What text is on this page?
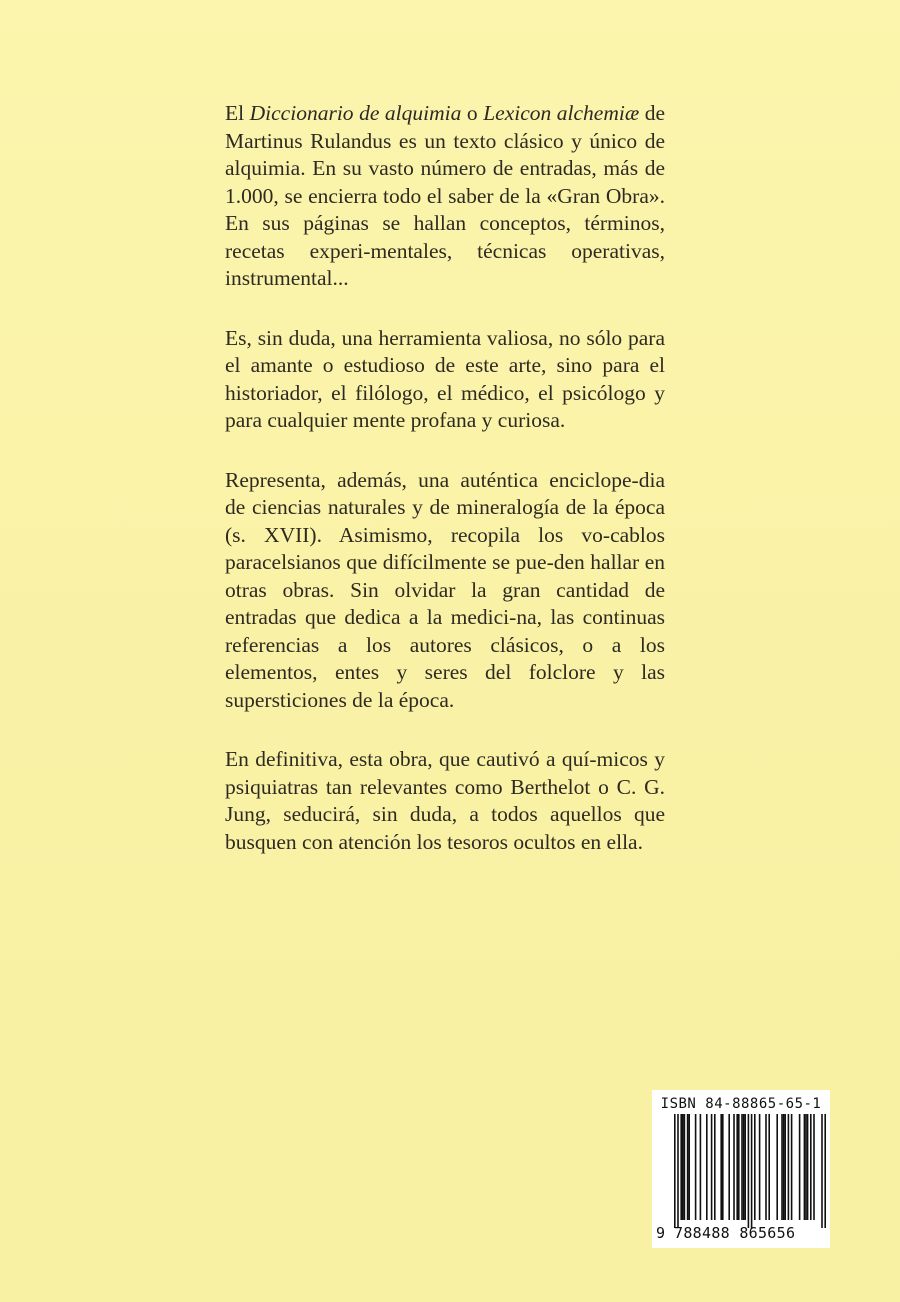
El Diccionario de alquimia o Lexicon alchemiæ de Martinus Rulandus es un texto clásico y único de alquimia. En su vasto número de entradas, más de 1.000, se encierra todo el saber de la «Gran Obra». En sus páginas se hallan conceptos, términos, recetas experi-mentales, técnicas operativas, instrumental...

Es, sin duda, una herramienta valiosa, no sólo para el amante o estudioso de este arte, sino para el historiador, el filólogo, el médico, el psicólogo y para cualquier mente profana y curiosa.

Representa, además, una auténtica enciclope-dia de ciencias naturales y de mineralogía de la época (s. XVII). Asimismo, recopila los vo-cablos paracelsianos que difícilmente se pue-den hallar en otras obras. Sin olvidar la gran cantidad de entradas que dedica a la medici-na, las continuas referencias a los autores clásicos, o a los elementos, entes y seres del folclore y las supersticiones de la época.

En definitiva, esta obra, que cautivó a quí-micos y psiquiatras tan relevantes como Berthelot o C. G. Jung, seducirá, sin duda, a todos aquellos que busquen con atención los tesoros ocultos en ella.

ISBN 84-88865-65-1
9 788488 865656
